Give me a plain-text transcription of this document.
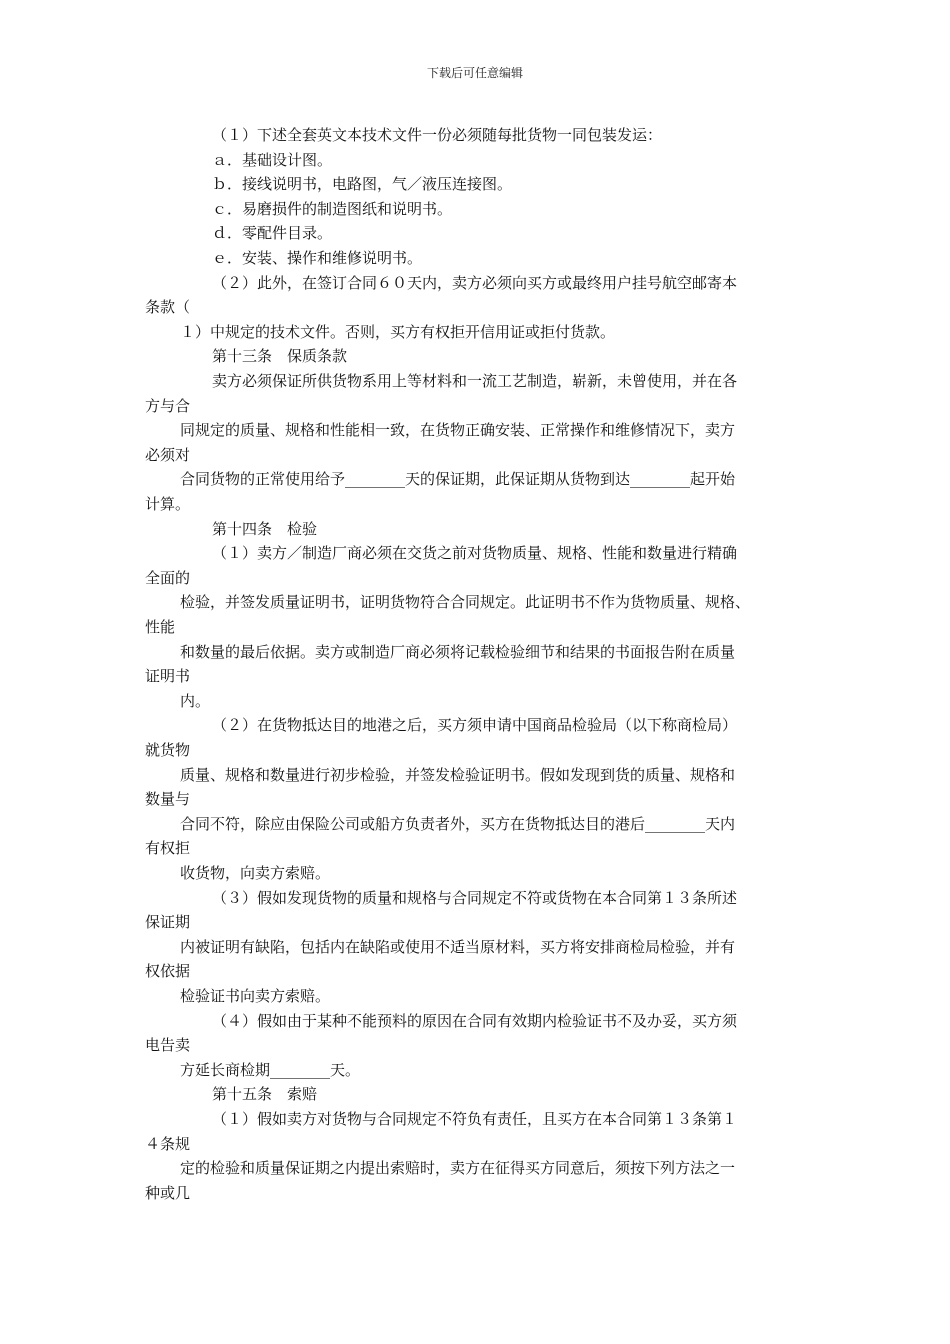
下载后可任意编辑
（１）下述全套英文本技术文件一份必须随每批货物一同包装发运：
ａ．基础设计图。
ｂ．接线说明书，电路图，气／液压连接图。
ｃ．易磨损件的制造图纸和说明书。
ｄ．零配件目录。
ｅ．安装、操作和维修说明书。
（２）此外，在签订合同６０天内，卖方必须向买方或最终用户挂号航空邮寄本
条款（
１）中规定的技术文件。否则，买方有权拒开信用证或拒付货款。
第十三条　保质条款
卖方必须保证所供货物系用上等材料和一流工艺制造，崭新，未曾使用，并在各
方与合
同规定的质量、规格和性能相一致，在货物正确安装、正常操作和维修情况下，卖方
必须对
合同货物的正常使用给予________天的保证期，此保证期从货物到达________起开始
计算。
第十四条　检验
（１）卖方／制造厂商必须在交货之前对货物质量、规格、性能和数量进行精确
全面的
检验，并签发质量证明书，证明货物符合合同规定。此证明书不作为货物质量、规格、
性能
和数量的最后依据。卖方或制造厂商必须将记载检验细节和结果的书面报告附在质量
证明书
内。
（２）在货物抵达目的地港之后，买方须申请中国商品检验局（以下称商检局）
就货物
质量、规格和数量进行初步检验，并签发检验证明书。假如发现到货的质量、规格和
数量与
合同不符，除应由保险公司或船方负责者外，买方在货物抵达目的港后________天内
有权拒
收货物，向卖方索赔。
（３）假如发现货物的质量和规格与合同规定不符或货物在本合同第１３条所述
保证期
内被证明有缺陷，包括内在缺陷或使用不适当原材料，买方将安排商检局检验，并有
权依据
检验证书向卖方索赔。
（４）假如由于某种不能预料的原因在合同有效期内检验证书不及办妥，买方须
电告卖
方延长商检期________天。
第十五条　索赔
（１）假如卖方对货物与合同规定不符负有责任，且买方在本合同第１３条第１
４条规
定的检验和质量保证期之内提出索赔时，卖方在征得买方同意后，须按下列方法之一
种或几
